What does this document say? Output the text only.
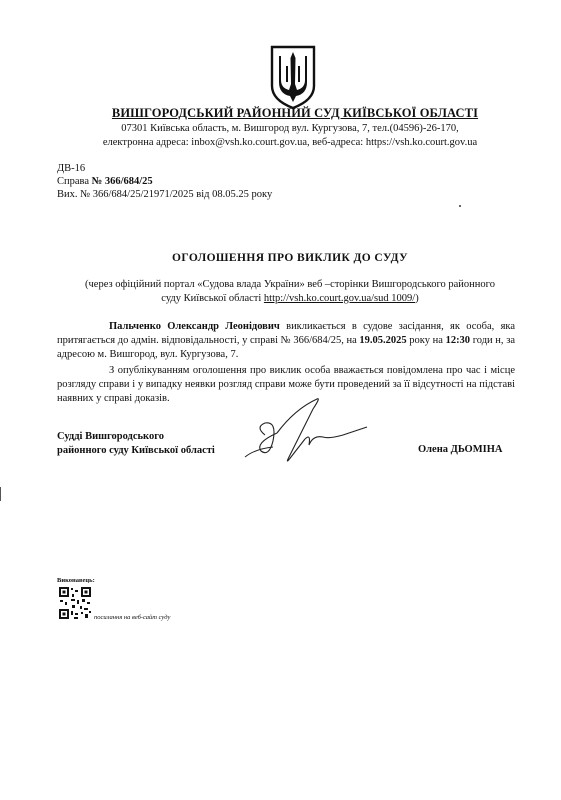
ВИШГОРОДСЬКИЙ РАЙОННИЙ СУД КИЇВСЬКОЇ ОБЛАСТІ
07301 Київська область, м. Вишгород вул. Кургузова, 7, тел.(04596)-26-170,
електронна адреса: inbox@vsh.ko.court.gov.ua, веб-адреса: https://vsh.ko.court.gov.ua
ДВ-16
Справа № 366/684/25
Вих. № 366/684/25/21971/2025 від 08.05.25 року
ОГОЛОШЕННЯ ПРО ВИКЛИК ДО СУДУ
(через офіційний портал «Судова влада України» веб –сторінки Вишгородського районного
суду Київської області http://vsh.ko.court.gov.ua/sud 1009/)
Пальченко Олександр Леонідович викликається в судове засідання, як особа, яка притягається до адмін. відповідальності, у справі № 366/684/25, на 19.05.2025 року на 12:30 годи н, за адресою м. Вишгород, вул. Кургузова, 7.
З опублікуванням оголошення про виклик особа вважається повідомлена про час і місце розгляду справи і у випадку неявки розгляд справи може бути проведений за її відсутності на підставі наявних у справі доказів.
Судді Вишгородського
районного суду Київської області	Олена ДЬОМІНА
Виконавець:
посилання на веб-сайт суду
